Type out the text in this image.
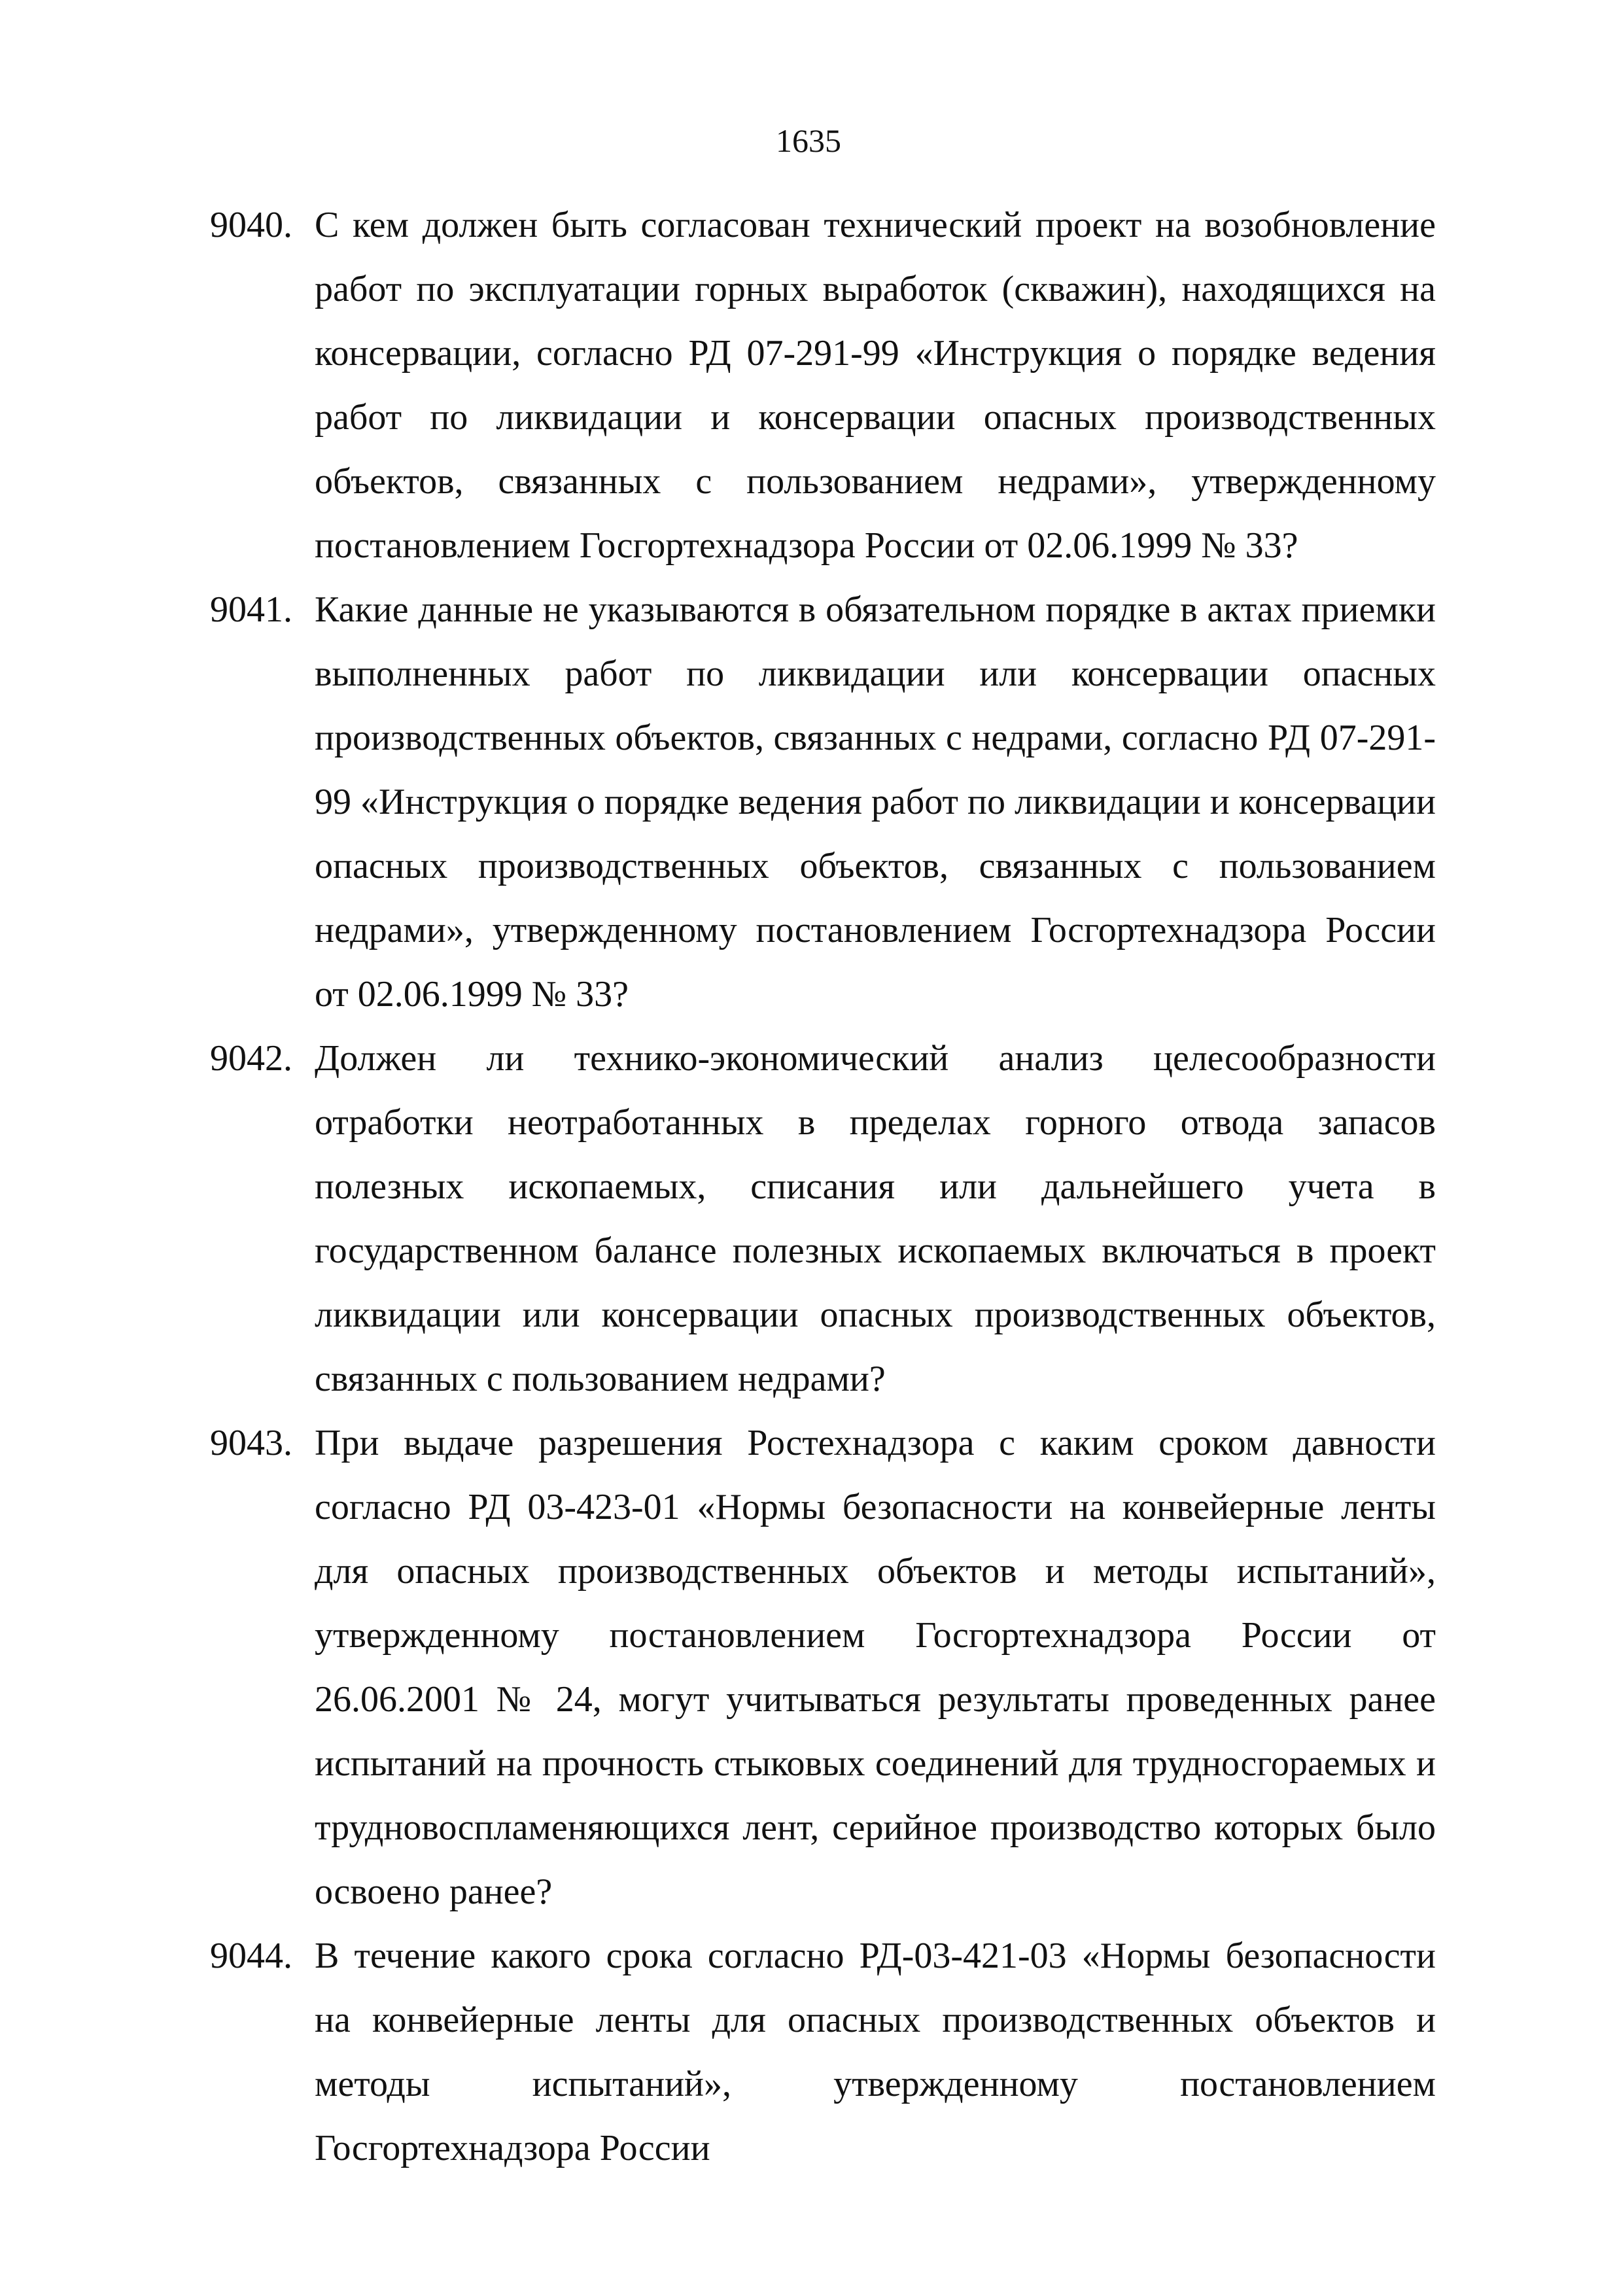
1635
9040. С кем должен быть согласован технический проект на возобновление работ по эксплуатации горных выработок (скважин), находящихся на консервации, согласно РД 07-291-99 «Инструкция о порядке ведения работ по ликвидации и консервации опасных производственных объектов, связанных с пользованием недрами», утвержденному постановлением Госгортехнадзора России от 02.06.1999 № 33?

9041. Какие данные не указываются в обязательном порядке в актах приемки выполненных работ по ликвидации или консервации опасных производственных объектов, связанных с недрами, согласно РД 07-291-99 «Инструкция о порядке ведения работ по ликвидации и консервации опасных производственных объектов, связанных с пользованием недрами», утвержденному постановлением Госгортехнадзора России от 02.06.1999 № 33?

9042. Должен ли технико-экономический анализ целесообразности отработки неотработанных в пределах горного отвода запасов полезных ископаемых, списания или дальнейшего учета в государственном балансе полезных ископаемых включаться в проект ликвидации или консервации опасных производственных объектов, связанных с пользованием недрами?

9043. При выдаче разрешения Ростехнадзора с каким сроком давности согласно РД 03-423-01 «Нормы безопасности на конвейерные ленты для опасных производственных объектов и методы испытаний», утвержденному постановлением Госгортехнадзора России от 26.06.2001 № 24, могут учитываться результаты проведенных ранее испытаний на прочность стыковых соединений для трудносгораемых и трудновоспламеняющихся лент, серийное производство которых было освоено ранее?

9044. В течение какого срока согласно РД-03-421-03 «Нормы безопасности на конвейерные ленты для опасных производственных объектов и методы испытаний», утвержденному постановлением Госгортехнадзора России
